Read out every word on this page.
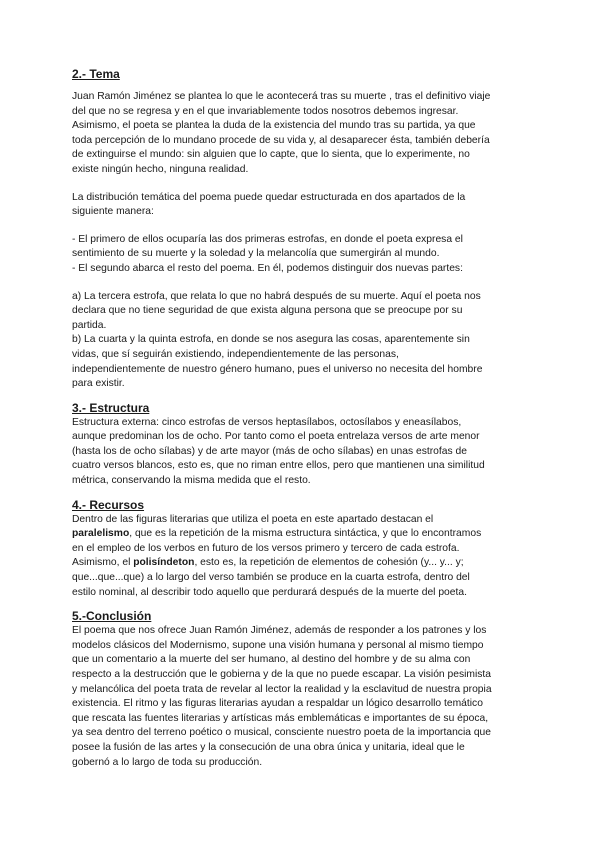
2.- Tema

Juan Ramón Jiménez se plantea lo que le acontecerá tras su muerte , tras el definitivo viaje
del que no se regresa y en el que invariablemente todos nosotros debemos ingresar.
Asimismo, el poeta se plantea la duda de la existencia del mundo tras su partida, ya que
toda percepción de lo mundano procede de su vida y, al desaparecer ésta, también debería
de extinguirse el mundo: sin alguien que lo capte, que lo sienta, que lo experimente, no
existe ningún hecho, ninguna realidad.

La distribución temática del poema puede quedar estructurada en dos apartados de la
siguiente manera:

- El primero de ellos ocuparía las dos primeras estrofas, en donde el poeta expresa el
sentimiento de su muerte y la soledad y la melancolía que sumergirán al mundo.
- El segundo abarca el resto del poema. En él, podemos distinguir dos nuevas partes:

a) La tercera estrofa, que relata lo que no habrá después de su muerte. Aquí el poeta nos
declara que no tiene seguridad de que exista alguna persona que se preocupe por su
partida.
b) La cuarta y la quinta estrofa, en donde se nos asegura las cosas, aparentemente sin
vidas, que sí seguirán existiendo, independientemente de las personas,
independientemente de nuestro género humano, pues el universo no necesita del hombre
para existir.

3.- Estructura

Estructura externa: cinco estrofas de versos heptasílabos, octosílabos y eneasílabos,
aunque predominan los de ocho. Por tanto como el poeta entrelaza versos de arte menor
(hasta los de ocho sílabas) y de arte mayor (más de ocho sílabas) en unas estrofas de
cuatro versos blancos, esto es, que no riman entre ellos, pero que mantienen una similitud
métrica, conservando la misma medida que el resto.

4.- Recursos

Dentro de las figuras literarias que utiliza el poeta en este apartado destacan el
paralelismo, que es la repetición de la misma estructura sintáctica, y que lo encontramos
en el empleo de los verbos en futuro de los versos primero y tercero de cada estrofa.
Asimismo, el polisíndeton, esto es, la repetición de elementos de cohesión (y... y... y;
que...que...que) a lo largo del verso también se produce en la cuarta estrofa, dentro del
estilo nominal, al describir todo aquello que perdurará después de la muerte del poeta.

5.-Conclusión

El poema que nos ofrece Juan Ramón Jiménez, además de responder a los patrones y los
modelos clásicos del Modernismo, supone una visión humana y personal al mismo tiempo
que un comentario a la muerte del ser humano, al destino del hombre y de su alma con
respecto a la destrucción que le gobierna y de la que no puede escapar. La visión pesimista
y melancólica del poeta trata de revelar al lector la realidad y la esclavitud de nuestra propia
existencia. El ritmo y las figuras literarias ayudan a respaldar un lógico desarrollo temático
que rescata las fuentes literarias y artísticas más emblemáticas e importantes de su época,
ya sea dentro del terreno poético o musical, consciente nuestro poeta de la importancia que
posee la fusión de las artes y la consecución de una obra única y unitaria, ideal que le
gobernó a lo largo de toda su producción.
